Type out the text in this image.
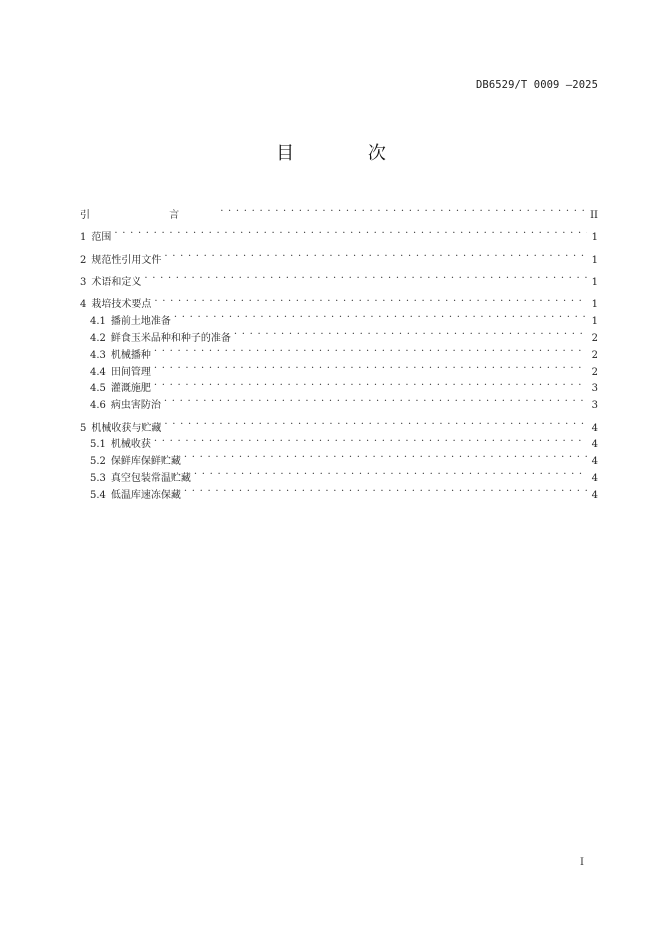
DB6529/T 0009 —2025
目 次
引 言 . . .	II
1 范围 . . .	1
2 规范性引用文件 . . .	1
3 术语和定义 . . .	1
4 栽培技术要点 . . .	1
4.1 播前土地准备 . . .	1
4.2 鲜食玉米品种和种子的准备 . . .	2
4.3 机械播种 . . .	2
4.4 田间管理 . . .	2
4.5 灌溉施肥 . . .	3
4.6 病虫害防治 . . .	3
5 机械收获与贮藏 . . .	4
5.1 机械收获 . . .	4
5.2 保鲜库保鲜贮藏 . . .	4
5.3 真空包装常温贮藏 . . .	4
5.4 低温库速冻保藏 . . .	4
I
